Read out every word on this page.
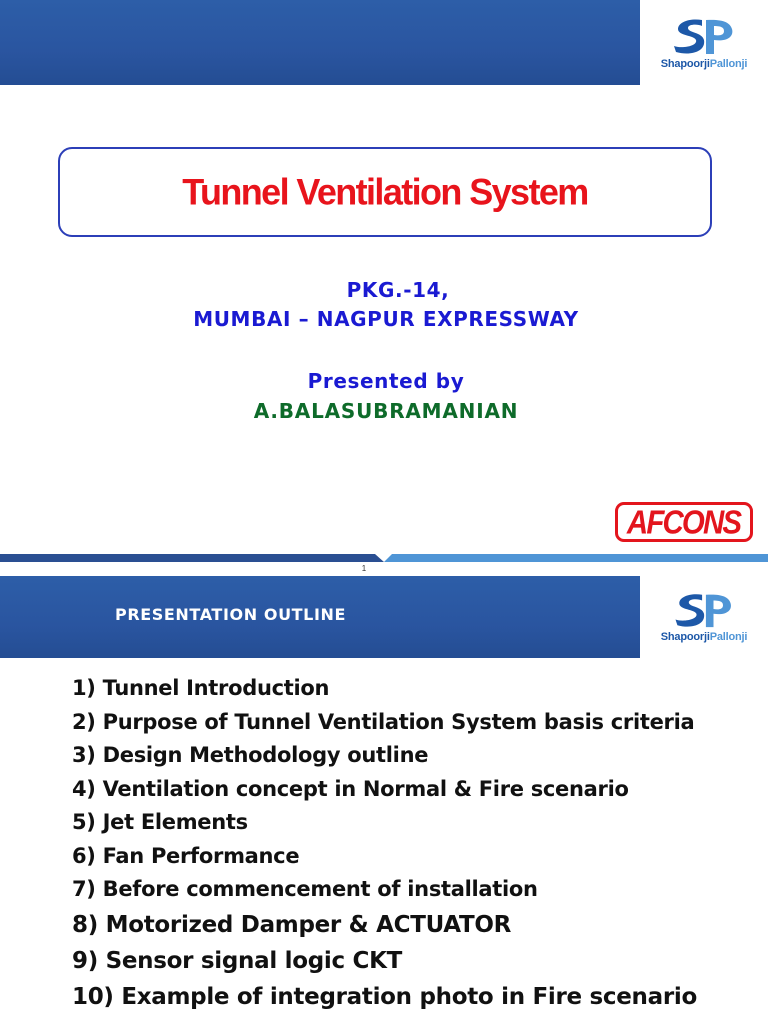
ShapoorjiPallonji
Tunnel Ventilation System
PKG.-14,
MUMBAI – NAGPUR EXPRESSWAY
Presented by
A.BALASUBRAMANIAN
AFCONS
1
PRESENTATION OUTLINE
ShapoorjiPallonji
1) Tunnel Introduction
2) Purpose of Tunnel Ventilation System basis criteria
3) Design Methodology outline
4) Ventilation concept in Normal & Fire scenario
5) Jet Elements
6) Fan Performance
7) Before commencement of installation
8) Motorized Damper & ACTUATOR
9) Sensor signal logic CKT
10) Example of integration photo in Fire scenario
